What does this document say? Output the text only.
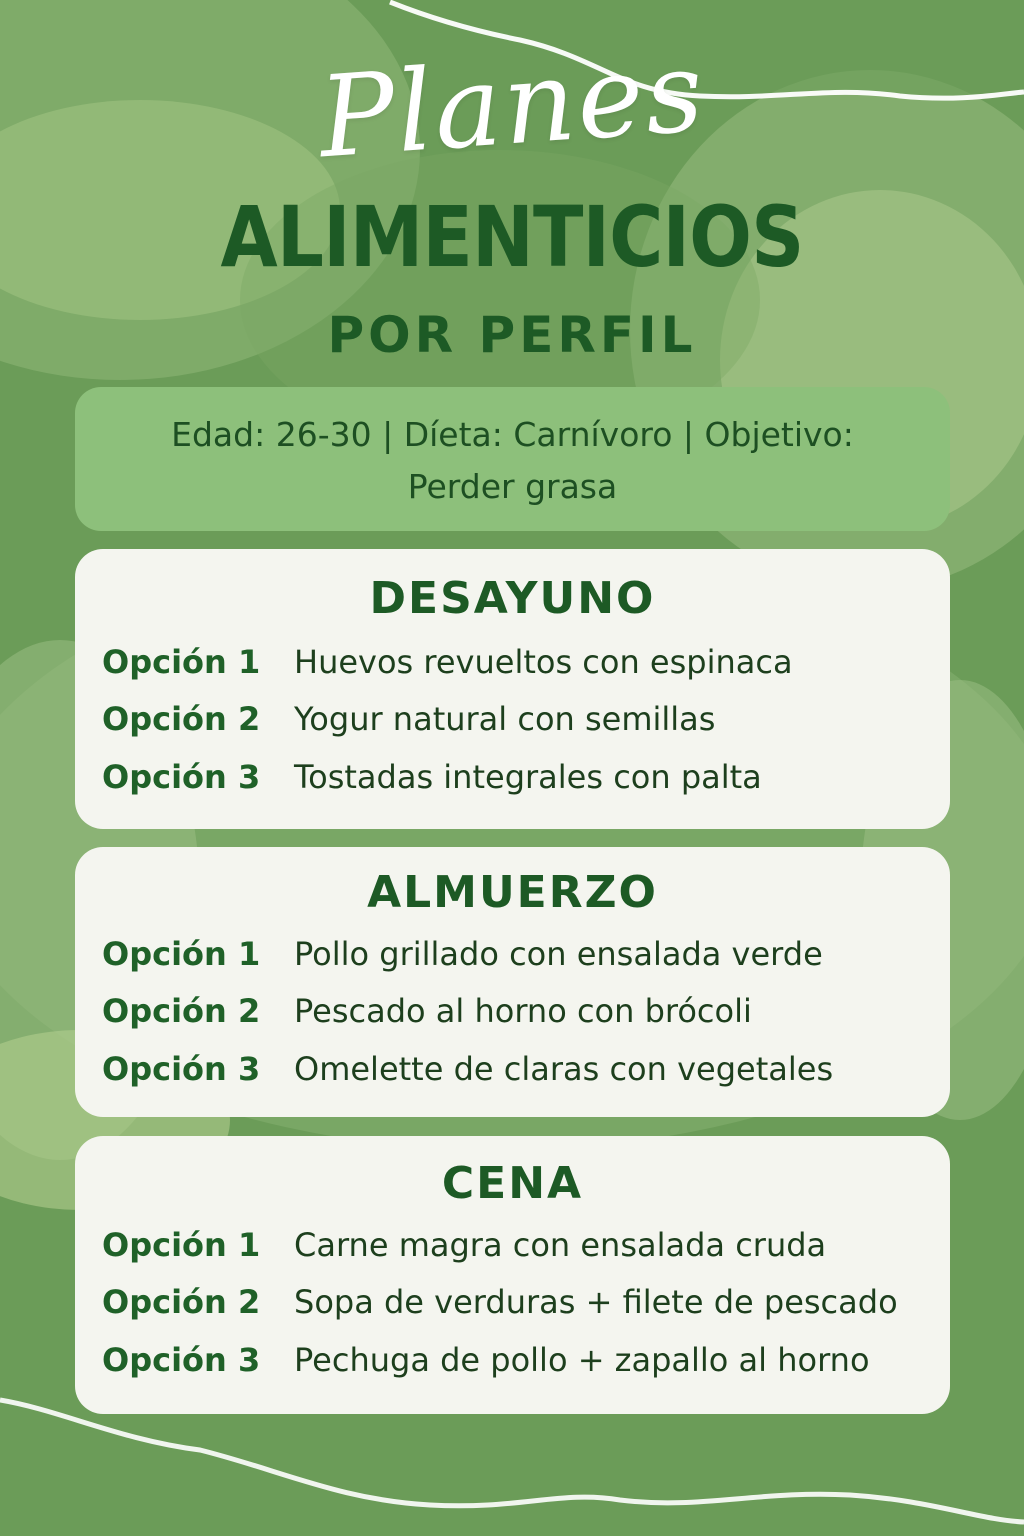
Planes
ALIMENTICIOS
POR PERFIL
Edad: 26-30 | Díeta: Carnívoro | Objetivo:
Perder grasa
DESAYUNO
Opción 1	Huevos revueltos con espinaca
Opción 2	Yogur natural con semillas
Opción 3	Tostadas integrales con palta
ALMUERZO
Opción 1	Pollo grillado con ensalada verde
Opción 2	Pescado al horno con brócoli
Opción 3	Omelette de claras con vegetales
CENA
Opción 1	Carne magra con ensalada cruda
Opción 2	Sopa de verduras + filete de pescado
Opción 3	Pechuga de pollo + zapallo al horno
